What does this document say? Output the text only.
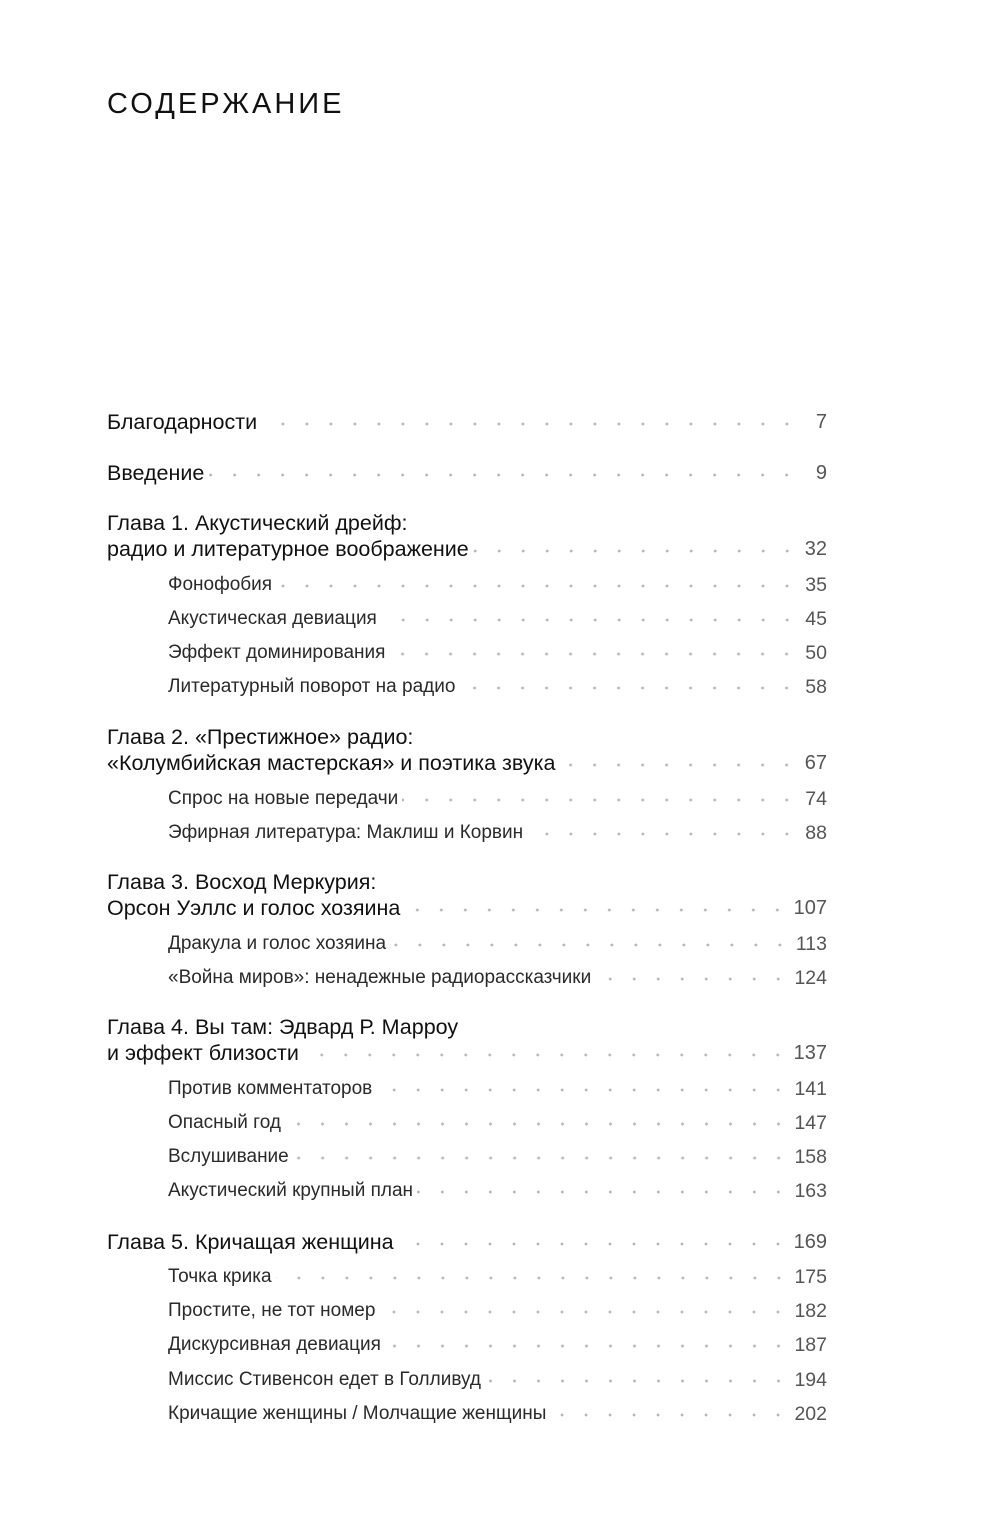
СОДЕРЖАНИЕ
Благодарности	7
Введение	9
Глава 1. Акустический дрейф:
радио и литературное воображение	32
Фонофобия	35
Акустическая девиация	45
Эффект доминирования	50
Литературный поворот на радио	58
Глава 2. «Престижное» радио:
«Колумбийская мастерская» и поэтика звука	67
Спрос на новые передачи	74
Эфирная литература: Маклиш и Корвин	88
Глава 3. Восход Меркурия:
Орсон Уэллс и голос хозяина	107
Дракула и голос хозяина	113
«Война миров»: ненадежные радиорассказчики	124
Глава 4. Вы там: Эдвард Р. Марроу
и эффект близости	137
Против комментаторов	141
Опасный год	147
Вслушивание	158
Акустический крупный план	163
Глава 5. Кричащая женщина	169
Точка крика	175
Простите, не тот номер	182
Дискурсивная девиация	187
Миссис Стивенсон едет в Голливуд	194
Кричащие женщины / Молчащие женщины	202
